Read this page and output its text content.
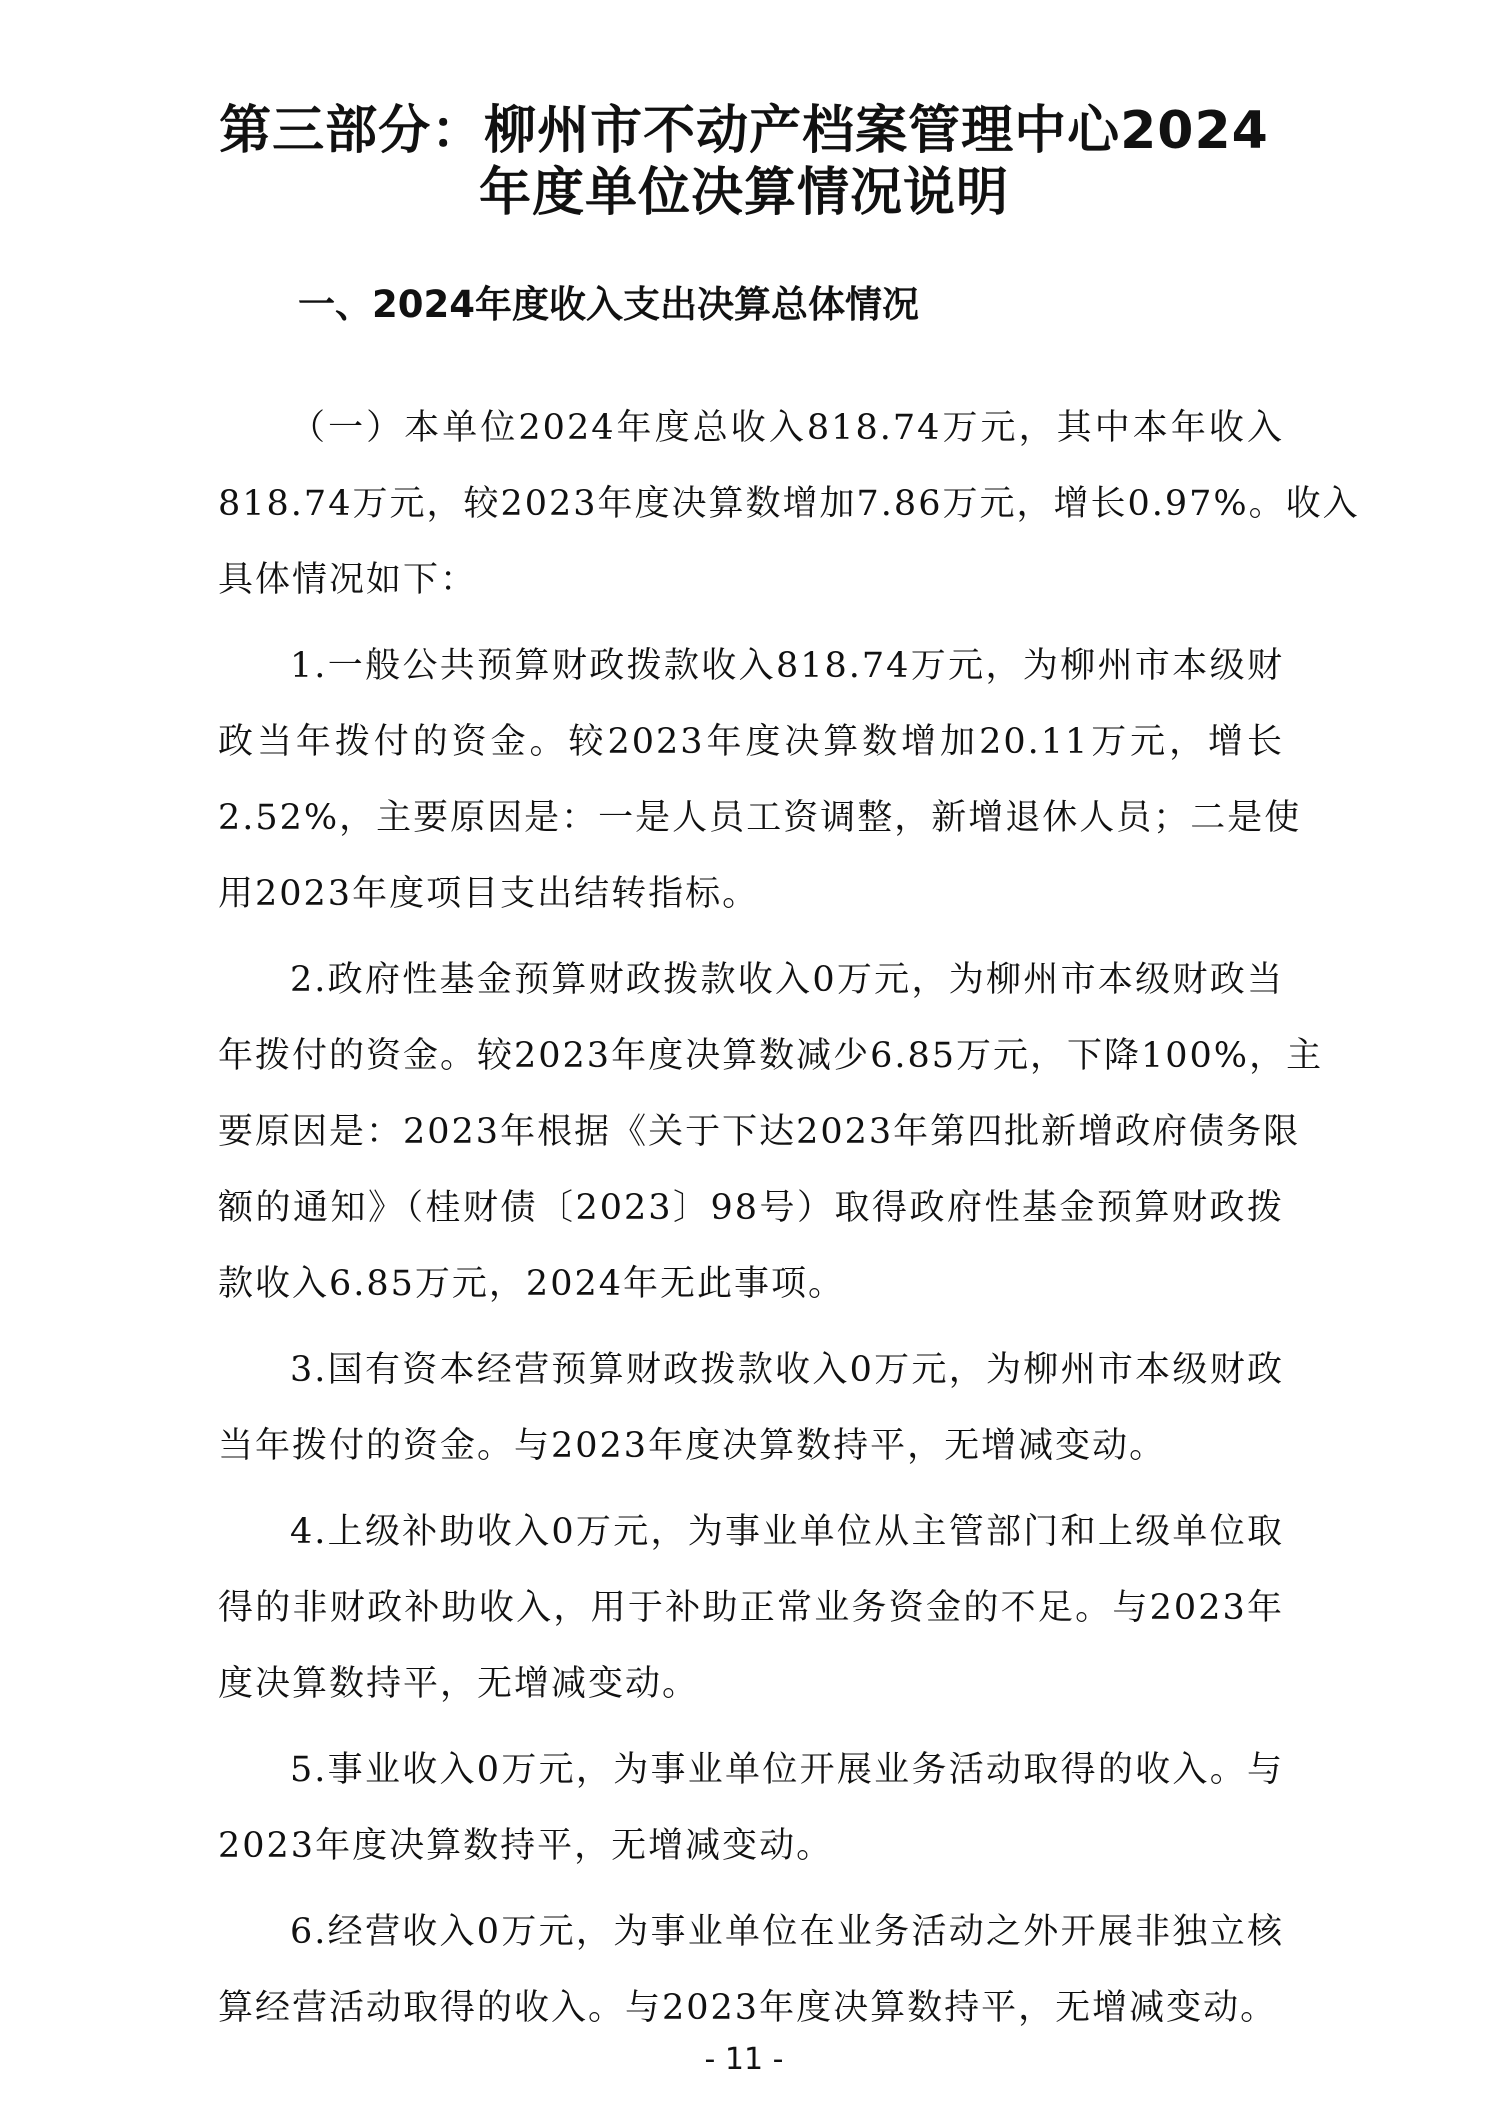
第三部分：柳州市不动产档案管理中心2024
年度单位决算情况说明
一、2024年度收入支出决算总体情况
（一）本单位2024年度总收入818.74万元，其中本年收入
818.74万元，较2023年度决算数增加7.86万元，增长0.97%。收入
具体情况如下：
1.一般公共预算财政拨款收入818.74万元，为柳州市本级财
政当年拨付的资金。较2023年度决算数增加20.11万元，增长
2.52%，主要原因是：一是人员工资调整，新增退休人员；二是使
用2023年度项目支出结转指标。
2.政府性基金预算财政拨款收入0万元，为柳州市本级财政当
年拨付的资金。较2023年度决算数减少6.85万元，下降100%，主
要原因是：2023年根据《关于下达2023年第四批新增政府债务限
额的通知》（桂财债〔2023〕98号）取得政府性基金预算财政拨
款收入6.85万元，2024年无此事项。
3.国有资本经营预算财政拨款收入0万元，为柳州市本级财政
当年拨付的资金。与2023年度决算数持平，无增减变动。
4.上级补助收入0万元，为事业单位从主管部门和上级单位取
得的非财政补助收入，用于补助正常业务资金的不足。与2023年
度决算数持平，无增减变动。
5.事业收入0万元，为事业单位开展业务活动取得的收入。与
2023年度决算数持平，无增减变动。
6.经营收入0万元，为事业单位在业务活动之外开展非独立核
算经营活动取得的收入。与2023年度决算数持平，无增减变动。
- 11 -
